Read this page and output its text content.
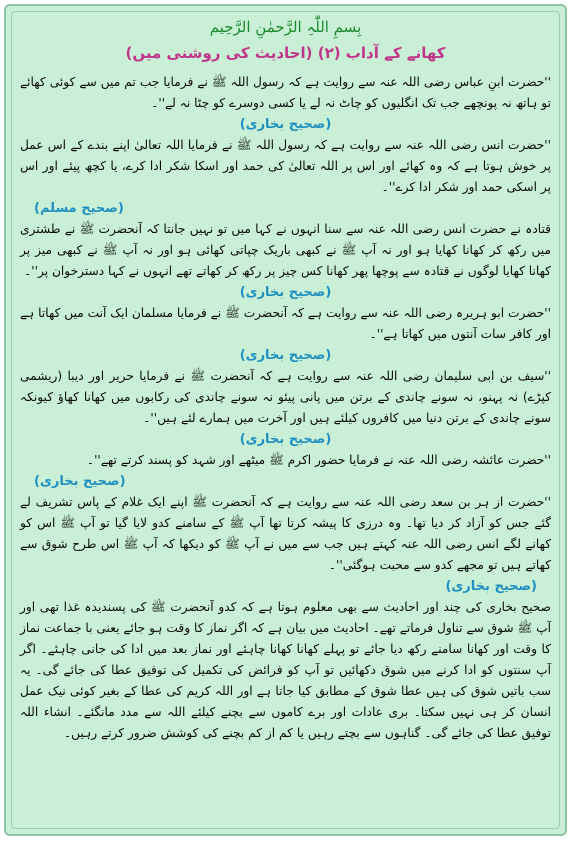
بِسمِ اللّٰہِ الرَّحمٰنِ الرَّحِیم
کھانے کے آداب (۲) (احادیث کی روشنی میں)

''حضرت ابنِ عباس رضی اللہ عنہ سے روایت ہے کہ رسول اللہ ﷺ نے فرمایا جب تم میں سے کوئی کھائے تو ہاتھ نہ پونچھے جب تک انگلیوں کو چاٹ نہ لے یا کسی دوسرے کو چٹا نہ لے''۔

(صحیح بخاری)

''حضرت انس رضی اللہ عنہ سے روایت ہے کہ رسول اللہ ﷺ نے فرمایا اللہ تعالیٰ اپنے بندے کے اس عمل پر خوش ہوتا ہے کہ وہ کھائے اور اس پر اللہ تعالیٰ کی حمد اور اسکا شکر ادا کرے، یا کچھ پیئے اور اس پر اسکی حمد اور شکر ادا کرے''۔

(صحیح مسلم)

قتادہ نے حضرت انس رضی اللہ عنہ سے سنا انہوں نے کہا میں تو نہیں جانتا کہ آنحضرت ﷺ نے طشتری میں رکھ کر کھانا کھایا ہو اور نہ آپ ﷺ نے کبھی باریک چپاتی کھائی ہو اور نہ آپ ﷺ نے کبھی میز پر کھانا کھایا لوگوں نے قتادہ سے پوچھا پھر کھانا کس چیز پر رکھ کر کھاتے تھے انہوں نے کہا دسترخوان پر''۔

(صحیح بخاری)

''حضرت ابو ہریرہ رضی اللہ عنہ سے روایت ہے کہ آنحضرت ﷺ نے فرمایا مسلمان ایک آنت میں کھاتا ہے اور کافر سات آنتوں میں کھاتا ہے''۔

(صحیح بخاری)

''سیف بن ابی سلیمان رضی اللہ عنہ سے روایت ہے کہ آنحضرت ﷺ نے فرمایا حریر اور دیبا (ریشمی کپڑے) نہ پہنو، نہ سونے چاندی کے برتن میں پانی پیئو نہ سونے چاندی کی رکابوں میں کھانا کھاؤ کیونکہ سونے چاندی کے برتن دنیا میں کافروں کیلئے ہیں اور آخرت میں ہمارے لئے ہیں''۔

(صحیح بخاری)

''حضرت عائشہ رضی اللہ عنہ نے فرمایا حضور اکرم ﷺ میٹھے اور شہد کو پسند کرتے تھے''۔

(صحیح بخاری)

''حضرت از ہر بن سعد رضی اللہ عنہ سے روایت ہے کہ آنحضرت ﷺ اپنے ایک غلام کے پاس تشریف لے گئے جس کو آزاد کر دیا تھا۔ وہ درزی کا پیشہ کرتا تھا آپ ﷺ کے سامنے کدو لایا گیا تو آپ ﷺ اس کو کھانے لگے انس رضی اللہ عنہ کہتے ہیں جب سے میں نے آپ ﷺ کو دیکھا کہ آپ ﷺ اس طرح شوق سے کھاتے ہیں تو مجھے کدو سے محبت ہوگئی''۔

(صحیح بخاری)

صحیح بخاری کی چند اور احادیث سے بھی معلوم ہوتا ہے کہ کدو آنحضرت ﷺ کی پسندیدہ غذا تھی اور آپ ﷺ شوق سے تناول فرماتے تھے۔ احادیث میں بیان ہے کہ اگر نماز کا وقت ہو جائے یعنی با جماعت نماز کا وقت اور کھانا سامنے رکھ دیا جائے تو پہلے کھانا کھانا چاہئے اور نماز بعد میں ادا کی جانی چاہئے۔ اگر آپ سنتوں کو ادا کرنے میں شوق دکھائیں تو آپ کو فرائض کی تکمیل کی توفیق عطا کی جائے گی۔ یہ سب باتیں شوق کی ہیں عطا شوق کے مطابق کیا جاتا ہے اور اللہ کریم کی عطا کے بغیر کوئی نیک عمل انسان کر ہی نہیں سکتا۔ بری عادات اور برے کاموں سے بچنے کیلئے اللہ سے مدد مانگئے۔ انشاء اللہ توفیق عطا کی جائے گی۔ گناہوں سے بچتے رہیں یا کم از کم بچنے کی کوشش ضرور کرتے رہیں۔
